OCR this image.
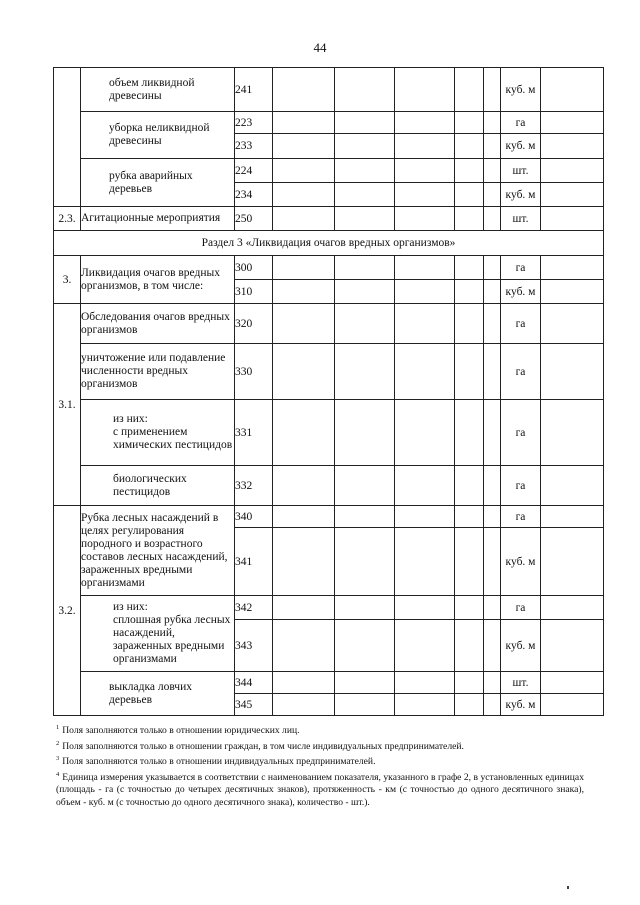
44
	объем ликвидной древесины	241						куб. м	
	уборка неликвидной древесины	223						га	
		233						куб. м	
	рубка аварийных деревьев	224						шт.	
		234						куб. м	
2.3.	Агитационные мероприятия	250						шт.	
Раздел 3 «Ликвидация очагов вредных организмов»									
3.	Ликвидация очагов вредных организмов, в том числе:	300						га	
		310						куб. м	
3.1.	Обследования очагов вредных организмов	320						га	
	уничтожение или подавление численности вредных организмов	330						га	

	из них:
с применением химических пестицидов	331						га	
	биологических пестицидов	332						га	
3.2.	Рубка лесных насаждений в целях регулирования породного и возрастного составов лесных насаждений, зараженных вредными организмами	340						га	
		341						куб. м	

	из них:
сплошная рубка лесных насаждений, зараженных вредными организмами	342						га	
		343						куб. м	
	выкладка ловчих деревьев	344						шт.	
		345						куб. м	

$^1$ Поля заполняются только в отношении юридических лиц.

$^2$ Поля заполняются только в отношении граждан, в том числе индивидуальных предпринимателей.

$^3$ Поля заполняются только в отношении индивидуальных предпринимателей.

$^4$ Единица измерения указывается в соответствии с наименованием показателя, указанного в графе 2, в установленных единицах (площадь - га (с точностью до четырех десятичных знаков), протяженность - км (с точностью до одного десятичного знака), объем - куб. м (с точностью до одного десятичного знака), количество - шт.).
